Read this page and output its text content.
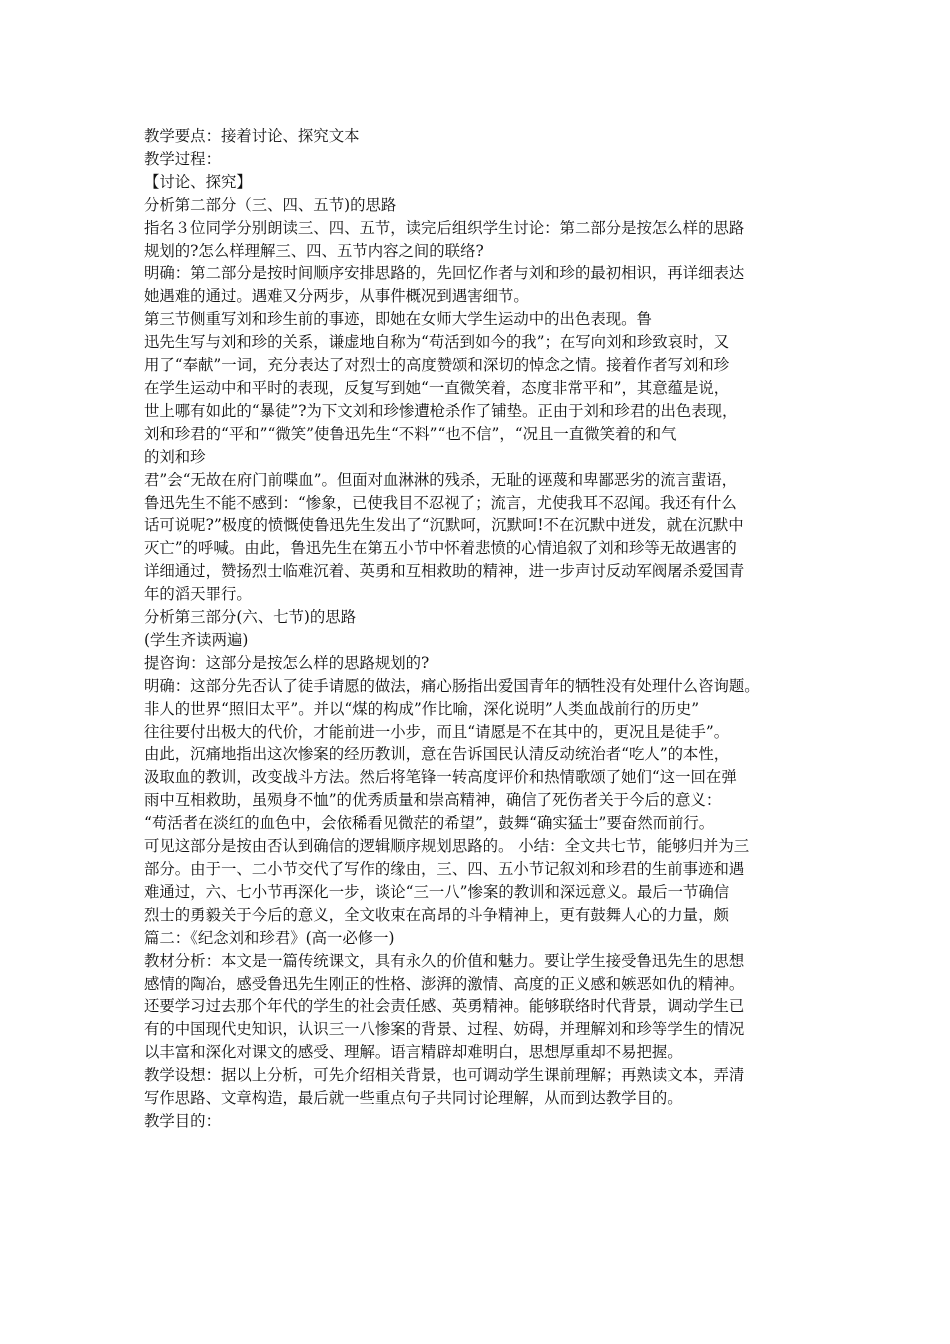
教学要点：接着讨论、探究文本
教学过程：
【讨论、探究】
分析第二部分（三、四、五节)的思路
指名３位同学分别朗读三、四、五节，读完后组织学生讨论：第二部分是按怎么样的思路
规划的?怎么样理解三、四、五节内容之间的联络?
明确：第二部分是按时间顺序安排思路的，先回忆作者与刘和珍的最初相识，再详细表达
她遇难的通过。遇难又分两步，从事件概况到遇害细节。
第三节侧重写刘和珍生前的事迹，即她在女师大学生运动中的出色表现。鲁
迅先生写与刘和珍的关系，谦虚地自称为“苟活到如今的我”；在写向刘和珍致哀时，又
用了“奉献”一词，充分表达了对烈士的高度赞颂和深切的悼念之情。接着作者写刘和珍
在学生运动中和平时的表现，反复写到她“一直微笑着，态度非常平和”，其意蕴是说，
世上哪有如此的“暴徒”?为下文刘和珍惨遭枪杀作了铺垫。正由于刘和珍君的出色表现，
刘和珍君的“平和”“微笑”使鲁迅先生“不料”“也不信”，“况且一直微笑着的和气
的刘和珍
君”会“无故在府门前喋血”。但面对血淋淋的残杀，无耻的诬蔑和卑鄙恶劣的流言蜚语，
鲁迅先生不能不感到：“惨象，已使我目不忍视了；流言，尤使我耳不忍闻。我还有什么
话可说呢?”极度的愤慨使鲁迅先生发出了“沉默呵，沉默呵!不在沉默中迸发，就在沉默中
灭亡”的呼喊。由此，鲁迅先生在第五小节中怀着悲愤的心情追叙了刘和珍等无故遇害的
详细通过，赞扬烈士临难沉着、英勇和互相救助的精神，进一步声讨反动军阀屠杀爱国青
年的滔天罪行。
分析第三部分(六、七节)的思路
(学生齐读两遍)
提咨询：这部分是按怎么样的思路规划的?
明确：这部分先否认了徒手请愿的做法，痛心肠指出爱国青年的牺牲没有处理什么咨询题。
非人的世界“照旧太平”。并以“煤的构成”作比喻，深化说明”人类血战前行的历史”
往往要付出极大的代价，才能前进一小步，而且“请愿是不在其中的，更况且是徒手”。
由此，沉痛地指出这次惨案的经历教训，意在告诉国民认清反动统治者“吃人”的本性，
汲取血的教训，改变战斗方法。然后将笔锋一转高度评价和热情歌颂了她们“这一回在弹
雨中互相救助，虽殒身不恤”的优秀质量和崇高精神，确信了死伤者关于今后的意义：
“苟活者在淡红的血色中，会依稀看见微茫的希望”，鼓舞“确实猛士”要奋然而前行。
可见这部分是按由否认到确信的逻辑顺序规划思路的。 小结：全文共七节，能够归并为三
部分。由于一、二小节交代了写作的缘由，三、四、五小节记叙刘和珍君的生前事迹和遇
难通过，六、七小节再深化一步，谈论“三一八”惨案的教训和深远意义。最后一节确信
烈士的勇毅关于今后的意义，全文收束在高昂的斗争精神上，更有鼓舞人心的力量，颇
篇二：《纪念刘和珍君》(高一必修一)
教材分析：本文是一篇传统课文，具有永久的价值和魅力。要让学生接受鲁迅先生的思想
感情的陶冶，感受鲁迅先生刚正的性格、澎湃的激情、高度的正义感和嫉恶如仇的精神。
还要学习过去那个年代的学生的社会责任感、英勇精神。能够联络时代背景，调动学生已
有的中国现代史知识，认识三一八惨案的背景、过程、妨碍，并理解刘和珍等学生的情况
以丰富和深化对课文的感受、理解。语言精辟却难明白，思想厚重却不易把握。
教学设想：据以上分析，可先介绍相关背景，也可调动学生课前理解；再熟读文本，弄清
写作思路、文章构造，最后就一些重点句子共同讨论理解，从而到达教学目的。
教学目的：
